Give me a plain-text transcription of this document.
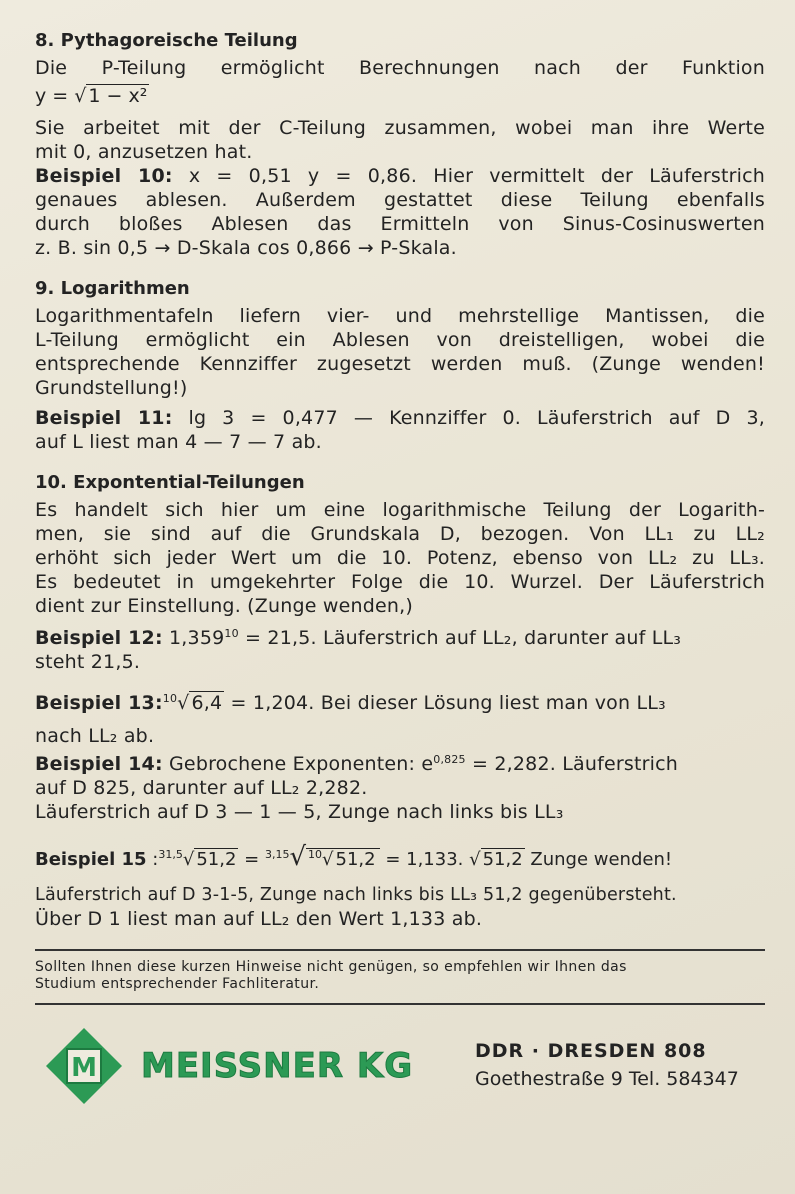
8. Pythagoreische Teilung

Die P-Teilung ermöglicht Berechnungen nach der Funktion

y = √ 1 − x²

Sie arbeitet mit der C-Teilung zusammen, wobei man ihre Werte

mit 0, anzusetzen hat.

Beispiel 10: x = 0,51 y = 0,86. Hier vermittelt der Läuferstrich

genaues ablesen. Außerdem gestattet diese Teilung ebenfalls

durch bloßes Ablesen das Ermitteln von Sinus-Cosinuswerten

z. B. sin 0,5 → D-Skala cos 0,866 → P-Skala.

9. Logarithmen

Logarithmentafeln liefern vier- und mehrstellige Mantissen, die

L-Teilung ermöglicht ein Ablesen von dreistelligen, wobei die

entsprechende Kennziffer zugesetzt werden muß. (Zunge wenden!

Grundstellung!)

Beispiel 11: lg 3 = 0,477 — Kennziffer 0. Läuferstrich auf D 3,

auf L liest man 4 — 7 — 7 ab.

10. Expontential-Teilungen

Es handelt sich hier um eine logarithmische Teilung der Logarith-

men, sie sind auf die Grundskala D, bezogen. Von LL₁ zu LL₂

erhöht sich jeder Wert um die 10. Potenz, ebenso von LL₂ zu LL₃.

Es bedeutet in umgekehrter Folge die 10. Wurzel. Der Läuferstrich

dient zur Einstellung. (Zunge wenden,)

Beispiel 12: $1,359^{10} = 21,5$. Läuferstrich auf LL₂, darunter auf LL₃

steht 21,5.

Beispiel 13:$^{10}$√ 6,4 = 1,204. Bei dieser Lösung liest man von LL₃

nach LL₂ ab.

Beispiel 14: Gebrochene Exponenten: $e^{0,825} = 2,282$. Läuferstrich

auf D 825, darunter auf LL₂ 2,282.

Läuferstrich auf D 3 — 1 — 5, Zunge nach links bis LL₃

Beispiel 15 :$^{31,5}$√ 51,2 = $^{3,15}$√ $^{10}$√ 51,2 = 1,133. √ 51,2 Zunge wenden!

Läuferstrich auf D 3-1-5, Zunge nach links bis LL₃ 51,2 gegenübersteht.

Über D 1 liest man auf LL₂ den Wert 1,133 ab.

Sollten Ihnen diese kurzen Hinweise nicht genügen, so empfehlen wir Ihnen das

Studium entsprechender Fachliteratur.

M MEISSNER KG	DDR · DRESDEN 808
Goethestraße 9 Tel. 584347
